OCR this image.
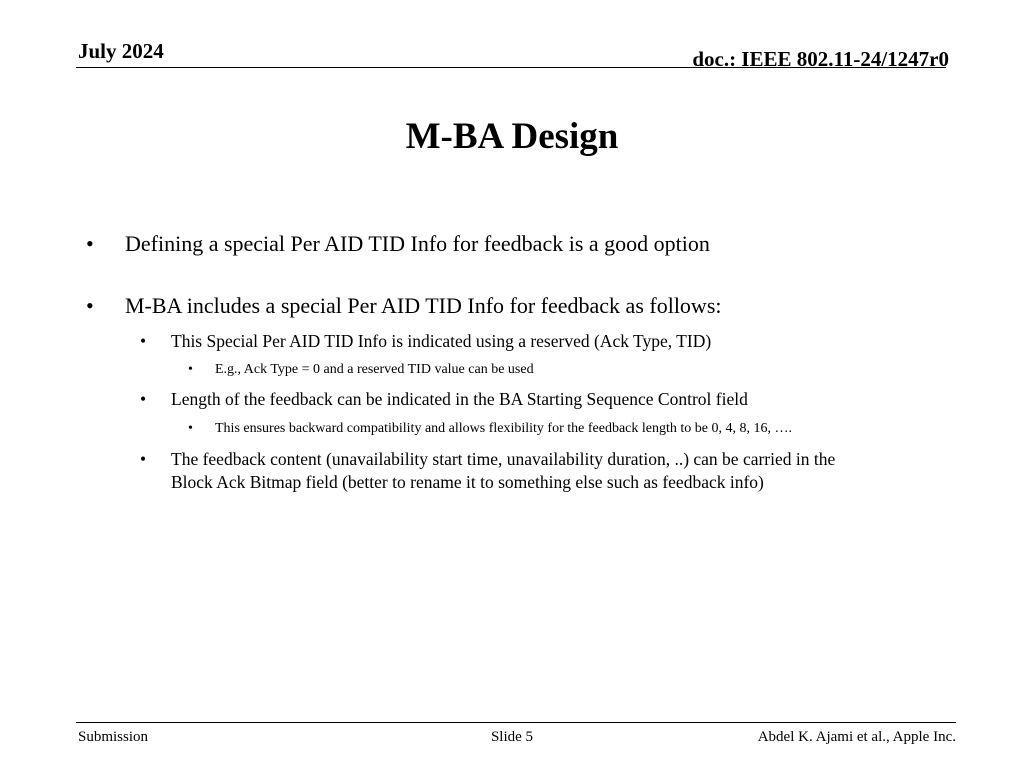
July 2024	doc.: IEEE 802.11-24/1247r0
M-BA Design
• Defining a special Per AID TID Info for feedback is a good option
• M-BA includes a special Per AID TID Info for feedback as follows:
• This Special Per AID TID Info is indicated using a reserved (Ack Type, TID)
• E.g., Ack Type = 0 and a reserved TID value can be used
• Length of the feedback can be indicated in the BA Starting Sequence Control field
• This ensures backward compatibility and allows flexibility for the feedback length to be 0, 4, 8, 16, ….
• The feedback content (unavailability start time, unavailability duration, ..) can be carried in the
Block Ack Bitmap field (better to rename it to something else such as feedback info)
Submission	Slide 5	Abdel K. Ajami et al., Apple Inc.
